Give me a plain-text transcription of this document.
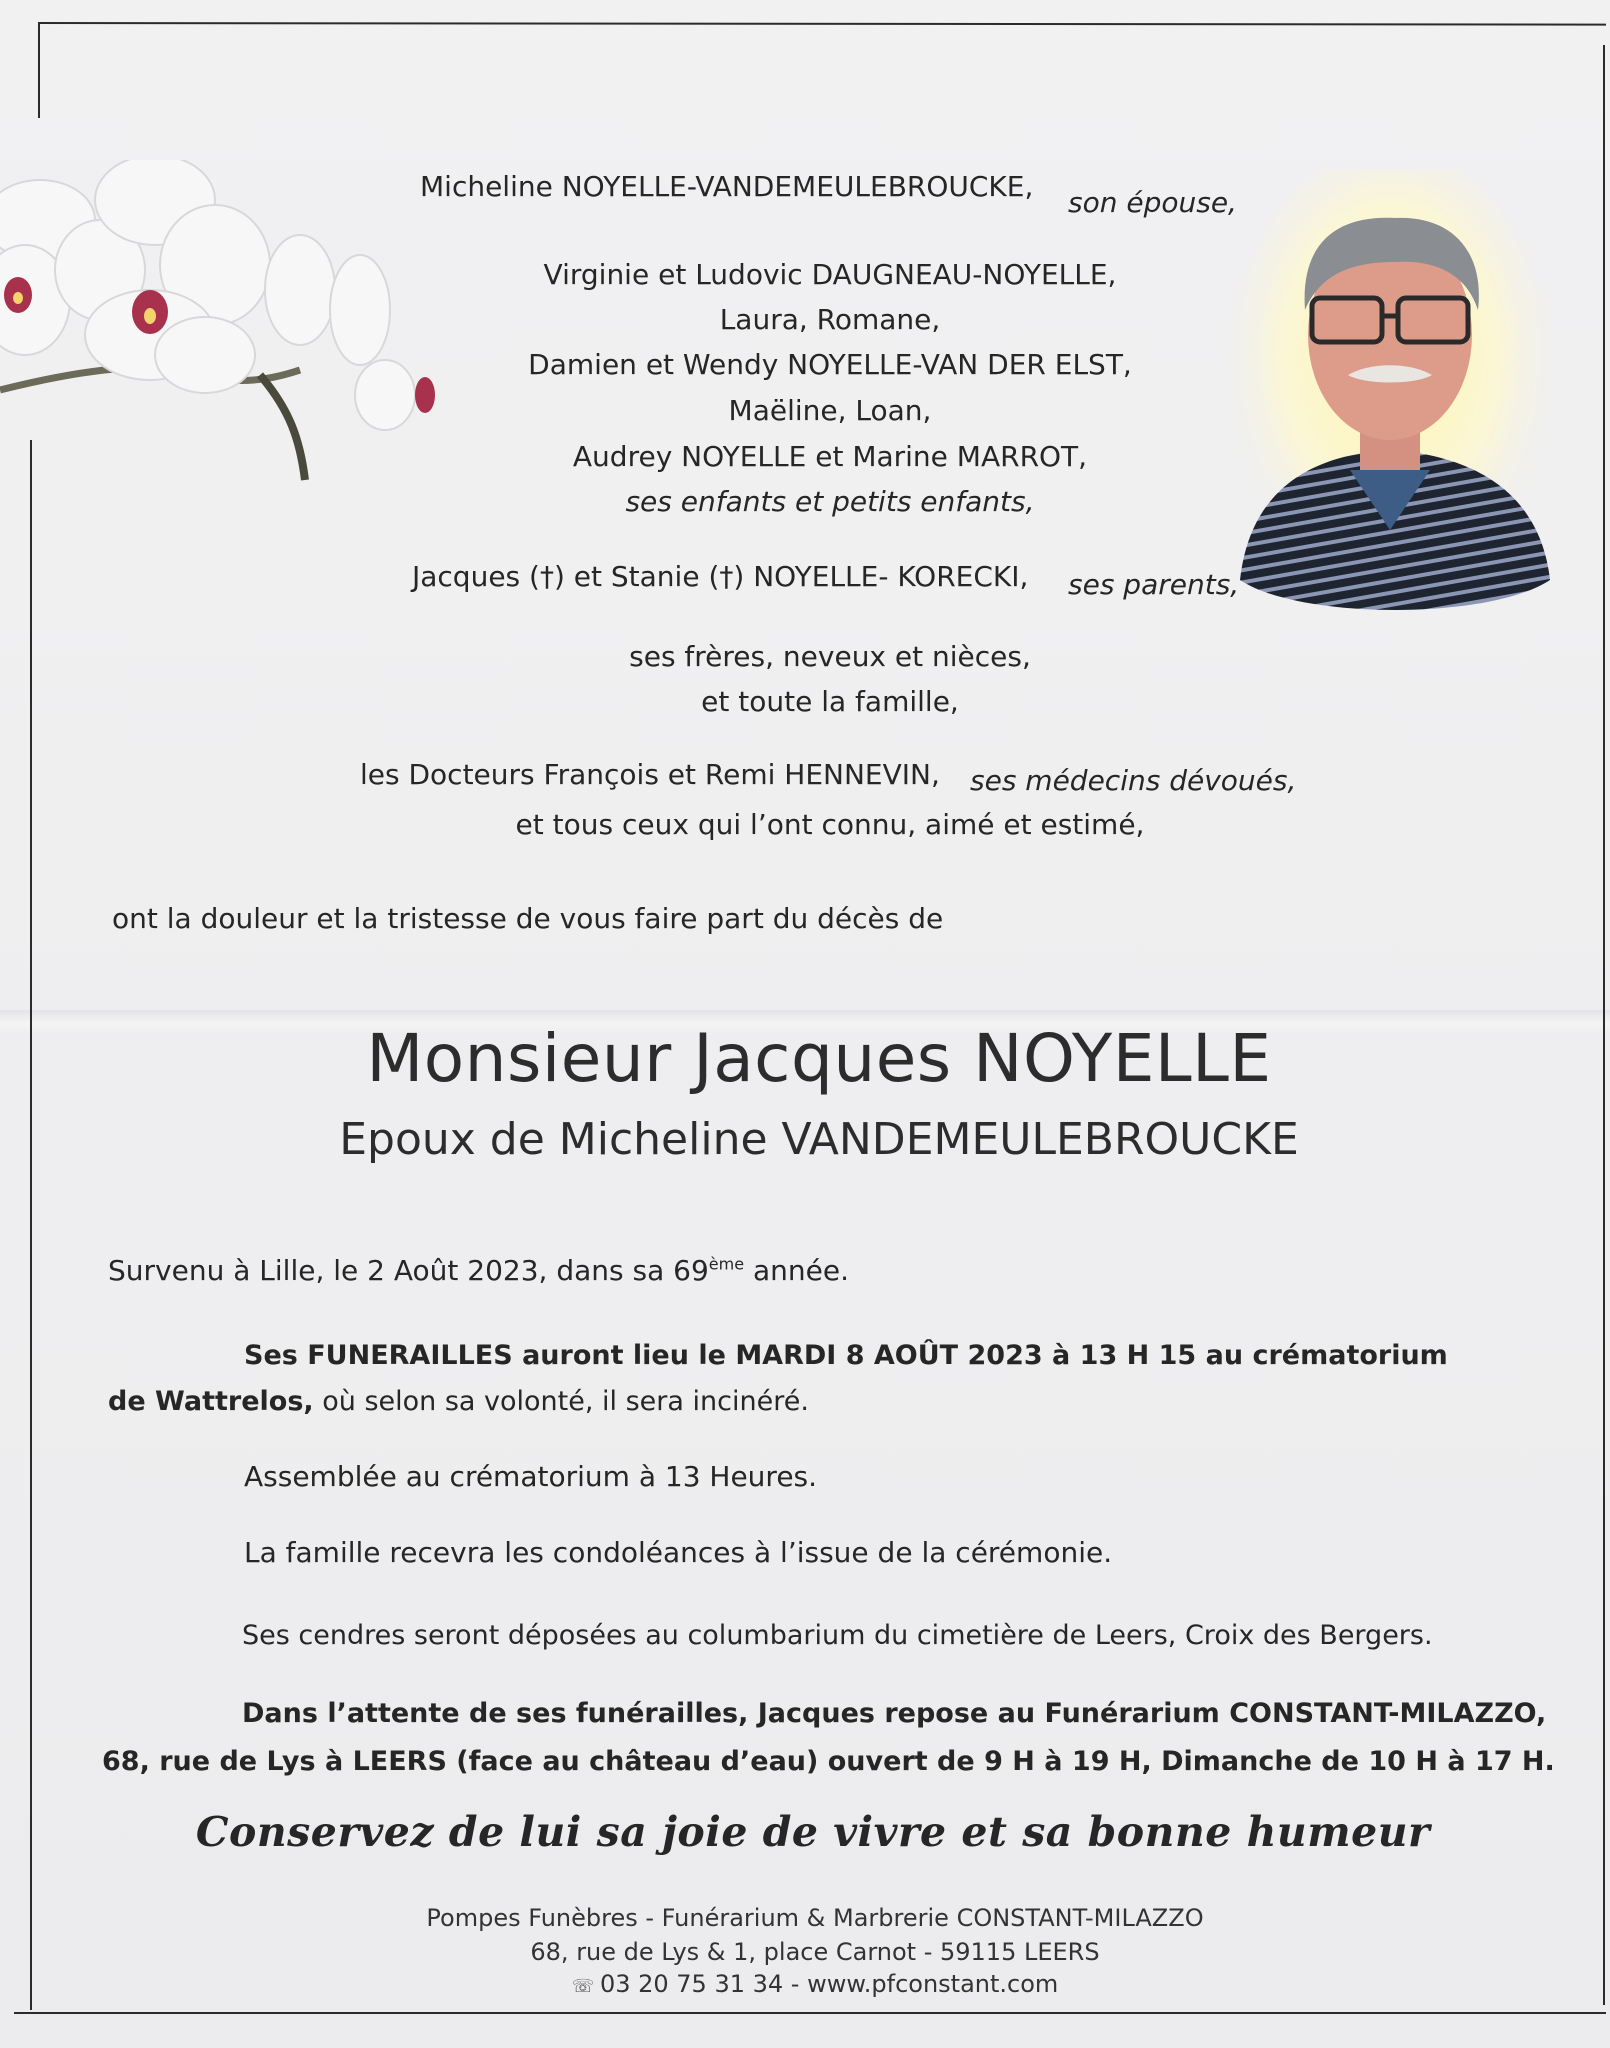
Micheline NOYELLE-VANDEMEULEBROUCKE, son épouse,
Virginie et Ludovic DAUGNEAU-NOYELLE,
Laura, Romane,
Damien et Wendy NOYELLE-VAN DER ELST,
Maëline, Loan,
Audrey NOYELLE et Marine MARROT,
ses enfants et petits enfants,
Jacques (†) et Stanie (†) NOYELLE- KORECKI, ses parents,
ses frères, neveux et nièces,
et toute la famille,
les Docteurs François et Remi HENNEVIN, ses médecins dévoués,
et tous ceux qui l’ont connu, aimé et estimé,
ont la douleur et la tristesse de vous faire part du décès de
Monsieur Jacques NOYELLE
Epoux de Micheline VANDEMEULEBROUCKE
Survenu à Lille, le 2 Août 2023, dans sa 69ème année.
Ses FUNERAILLES auront lieu le MARDI 8 AOÛT 2023 à 13 H 15 au crématorium
de Wattrelos, où selon sa volonté, il sera incinéré.
Assemblée au crématorium à 13 Heures.
La famille recevra les condoléances à l’issue de la cérémonie.
Ses cendres seront déposées au columbarium du cimetière de Leers, Croix des Bergers.
Dans l’attente de ses funérailles, Jacques repose au Funérarium CONSTANT-MILAZZO,
68, rue de Lys à LEERS (face au château d’eau) ouvert de 9 H à 19 H, Dimanche de 10 H à 17 H.
Conservez de lui sa joie de vivre et sa bonne humeur
Pompes Funèbres - Funérarium & Marbrerie CONSTANT-MILAZZO
68, rue de Lys & 1, place Carnot - 59115 LEERS
☏ 03 20 75 31 34 - www.pfconstant.com
